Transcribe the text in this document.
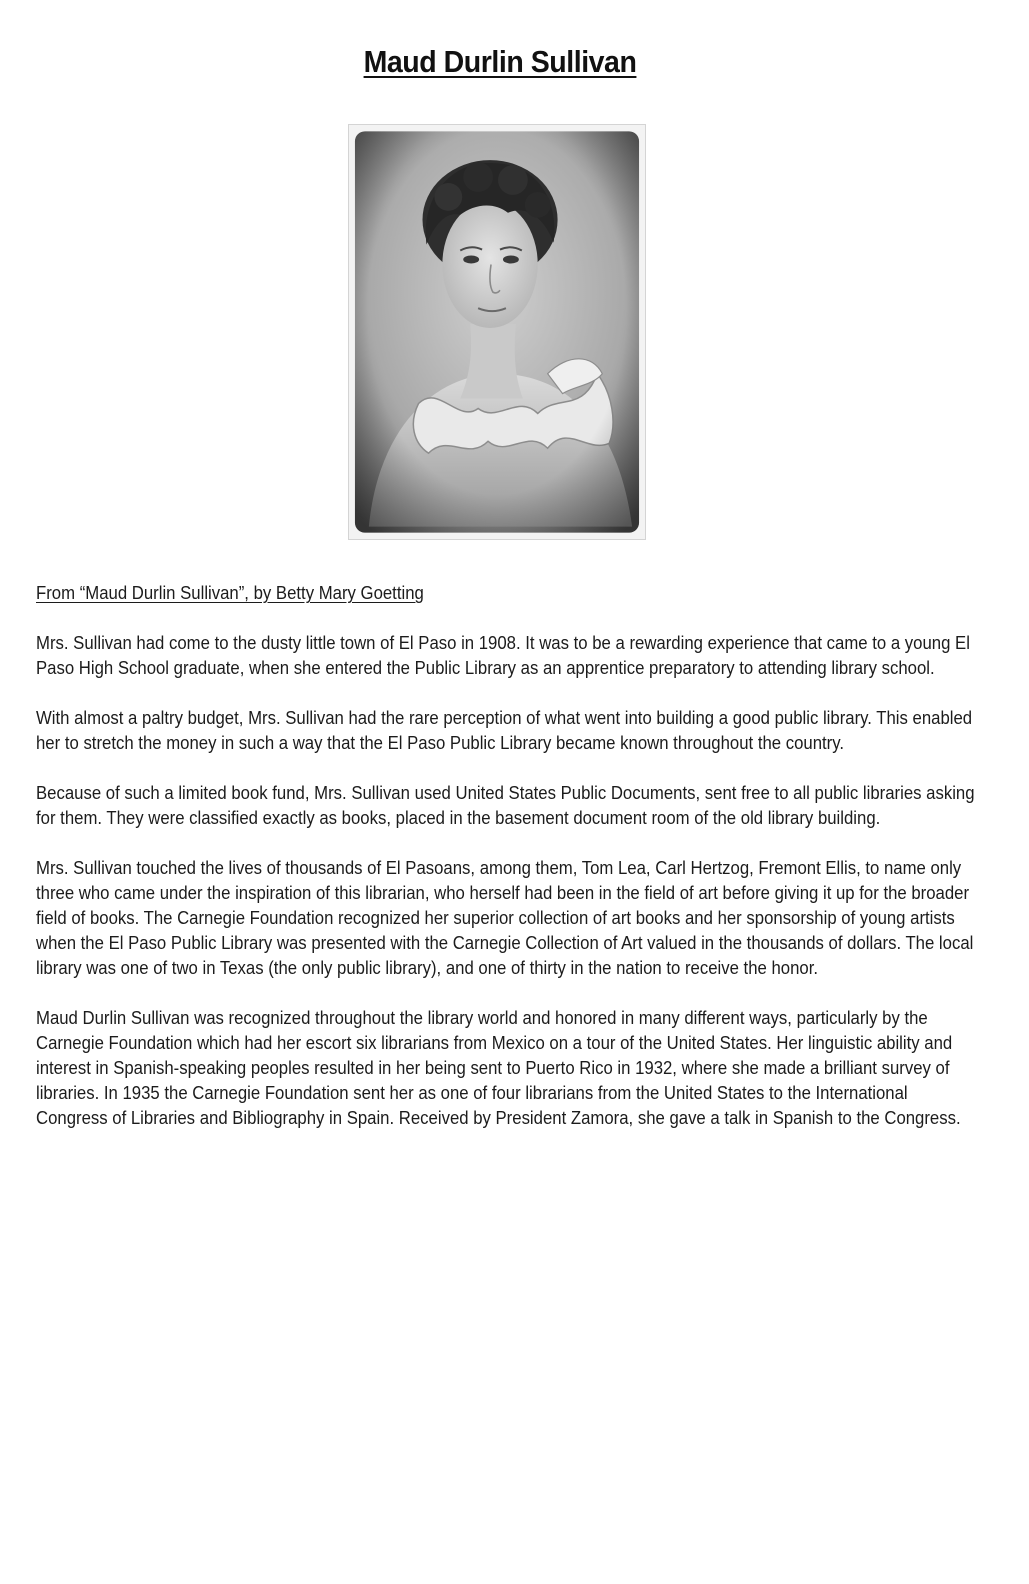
Maud Durlin Sullivan

From “Maud Durlin Sullivan”, by Betty Mary Goetting

Mrs. Sullivan had come to the dusty little town of El Paso in 1908. It was to be a rewarding experience that came to a young El Paso High School graduate, when she entered the Public Library as an apprentice preparatory to attending library school.

With almost a paltry budget, Mrs. Sullivan had the rare perception of what went into building a good public library. This enabled her to stretch the money in such a way that the El Paso Public Library became known throughout the country.

Because of such a limited book fund, Mrs. Sullivan used United States Public Documents, sent free to all public libraries asking for them. They were classified exactly as books, placed in the basement document room of the old library building.

Mrs. Sullivan touched the lives of thousands of El Pasoans, among them, Tom Lea, Carl Hertzog, Fremont Ellis, to name only three who came under the inspiration of this librarian, who herself had been in the field of art before giving it up for the broader field of books. The Carnegie Foundation recognized her superior collection of art books and her sponsorship of young artists when the El Paso Public Library was presented with the Carnegie Collection of Art valued in the thousands of dollars. The local library was one of two in Texas (the only public library), and one of thirty in the nation to receive the honor.

Maud Durlin Sullivan was recognized throughout the library world and honored in many different ways, particularly by the Carnegie Foundation which had her escort six librarians from Mexico on a tour of the United States. Her linguistic ability and interest in Spanish-speaking peoples resulted in her being sent to Puerto Rico in 1932, where she made a brilliant survey of libraries. In 1935 the Carnegie Foundation sent her as one of four librarians from the United States to the International Congress of Libraries and Bibliography in Spain. Received by President Zamora, she gave a talk in Spanish to the Congress.
